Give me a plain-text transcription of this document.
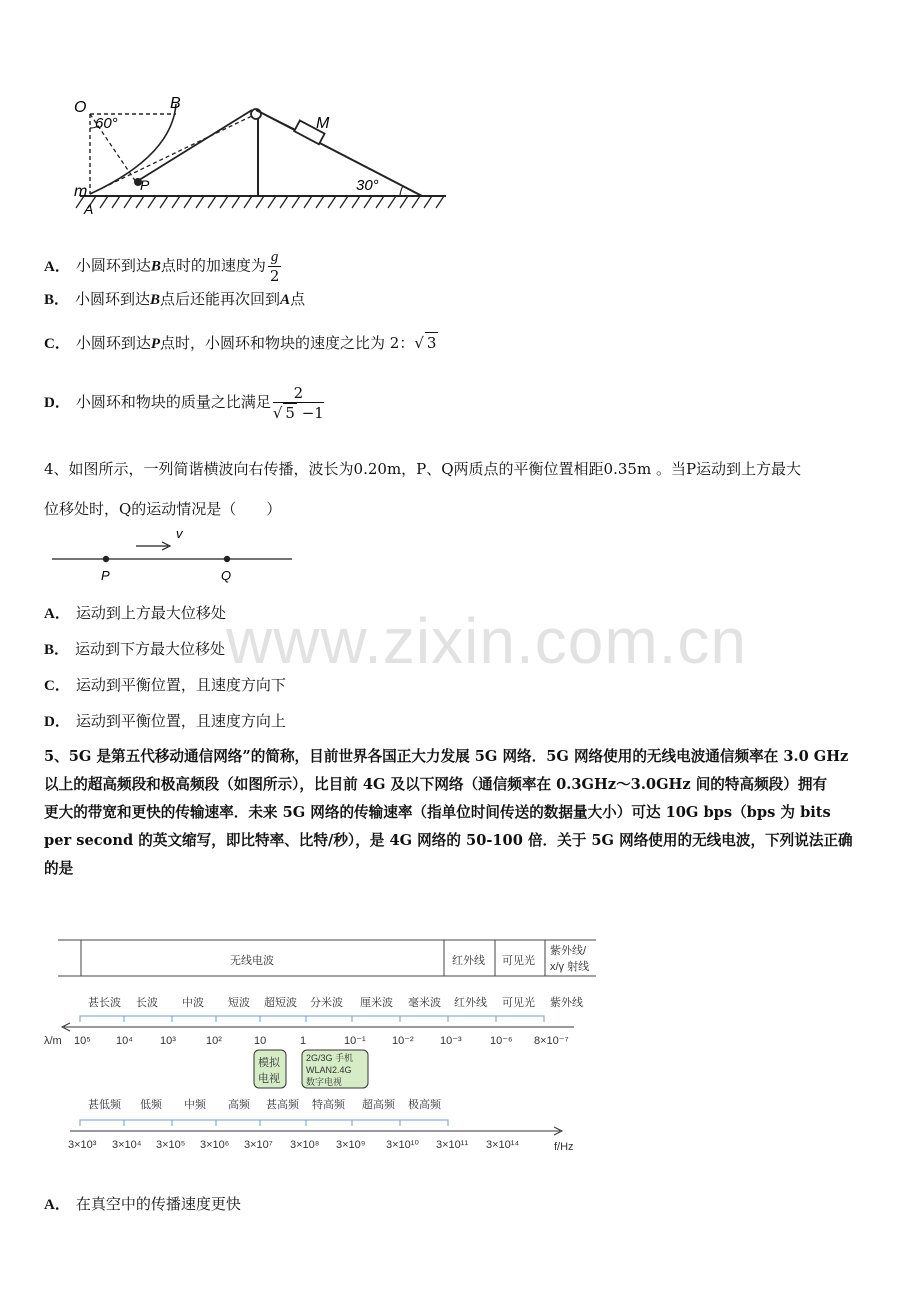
O
60°
B
M
m	P
A
30°
A． 小圆环到达B点时的加速度为 $\frac{g}{2}$
B． 小圆环到达B点后还能再次回到A点
C． 小圆环到达P点时，小圆环和物块的速度之比为 2：√ 3
D． 小圆环和物块的质量之比满足 $\frac{2}{√ 5 -1}$
4、如图所示，一列简谐横波向右传播，波长为0.20m，P、Q两质点的平衡位置相距0.35m 。当P运动到上方最大
位移处时，Q的运动情况是（　　）
v
P	Q
A． 运动到上方最大位移处
B． 运动到下方最大位移处
C． 运动到平衡位置，且速度方向下
D． 运动到平衡位置，且速度方向上
www.zixin.com.cn
5、5G 是第五代移动通信网络”的简称，目前世界各国正大力发展 5G 网络．5G 网络使用的无线电波通信频率在 3.0 GHz
以上的超高频段和极高频段（如图所示），比目前 4G 及以下网络（通信频率在 0.3GHz～3.0GHz 间的特高频段）拥有
更大的带宽和更快的传输速率．未来 5G 网络的传输速率（指单位时间传送的数据量大小）可达 10G bps（bps 为 bits
per second 的英文缩写，即比特率、比特/秒），是 4G 网络的 50-100 倍．关于 5G 网络使用的无线电波，下列说法正确
的是
无线电波	红外线 可见光
紫外线/
x/γ 射线
甚长波 长波 中波 短波 超短波 分米波 厘米波 毫米波 红外线 可见光 紫外线
λ/m 10⁵ 10⁴ 10³	10²	10	1	10⁻¹ 10⁻² 10⁻³	10⁻⁶ 8×10⁻⁷
模拟
电视
2G/3G 手机
WLAN2.4G
数字电视
甚低频 低频 中频 高频 甚高频 特高频 超高频 极高频
3×10³ 3×10⁴ 3×10⁵ 3×10⁶ 3×10⁷ 3×10⁸ 3×10⁹ 3×10¹⁰ 3×10¹¹ 3×10¹⁴	f/Hz
A． 在真空中的传播速度更快
